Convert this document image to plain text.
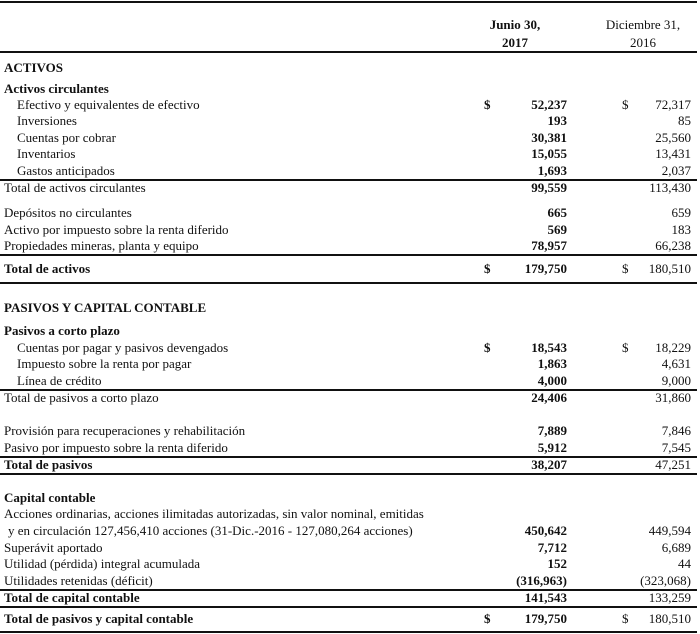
Junio 30,
2017
Diciembre 31,
2016
ACTIVOS
Activos circulantes
Efectivo y equivalentes de efectivo	$	52,237	$	72,317
Inversiones	193	85
Cuentas por cobrar	30,381	25,560
Inventarios	15,055	13,431
Gastos anticipados	1,693	2,037
Total de activos circulantes	99,559	113,430
Depósitos no circulantes	665	659
Activo por impuesto sobre la renta diferido	569	183
Propiedades mineras, planta y equipo	78,957	66,238
Total de activos	$	179,750	$	180,510
PASIVOS Y CAPITAL CONTABLE
Pasivos a corto plazo
Cuentas por pagar y pasivos devengados	$	18,543	$	18,229
Impuesto sobre la renta por pagar	1,863	4,631
Línea de crédito	4,000	9,000
Total de pasivos a corto plazo	24,406	31,860
Provisión para recuperaciones y rehabilitación	7,889	7,846
Pasivo por impuesto sobre la renta diferido	5,912	7,545
Total de pasivos	38,207	47,251
Capital contable
Acciones ordinarias, acciones ilimitadas autorizadas, sin valor nominal, emitidas
y en circulación 127,456,410 acciones (31-Dic.-2016 - 127,080,264 acciones)	450,642	449,594
Superávit aportado	7,712	6,689
Utilidad (pérdida) integral acumulada	152	44
Utilidades retenidas (déficit)	(316,963)	(323,068)
Total de capital contable	141,543	133,259
Total de pasivos y capital contable	$	179,750	$	180,510
